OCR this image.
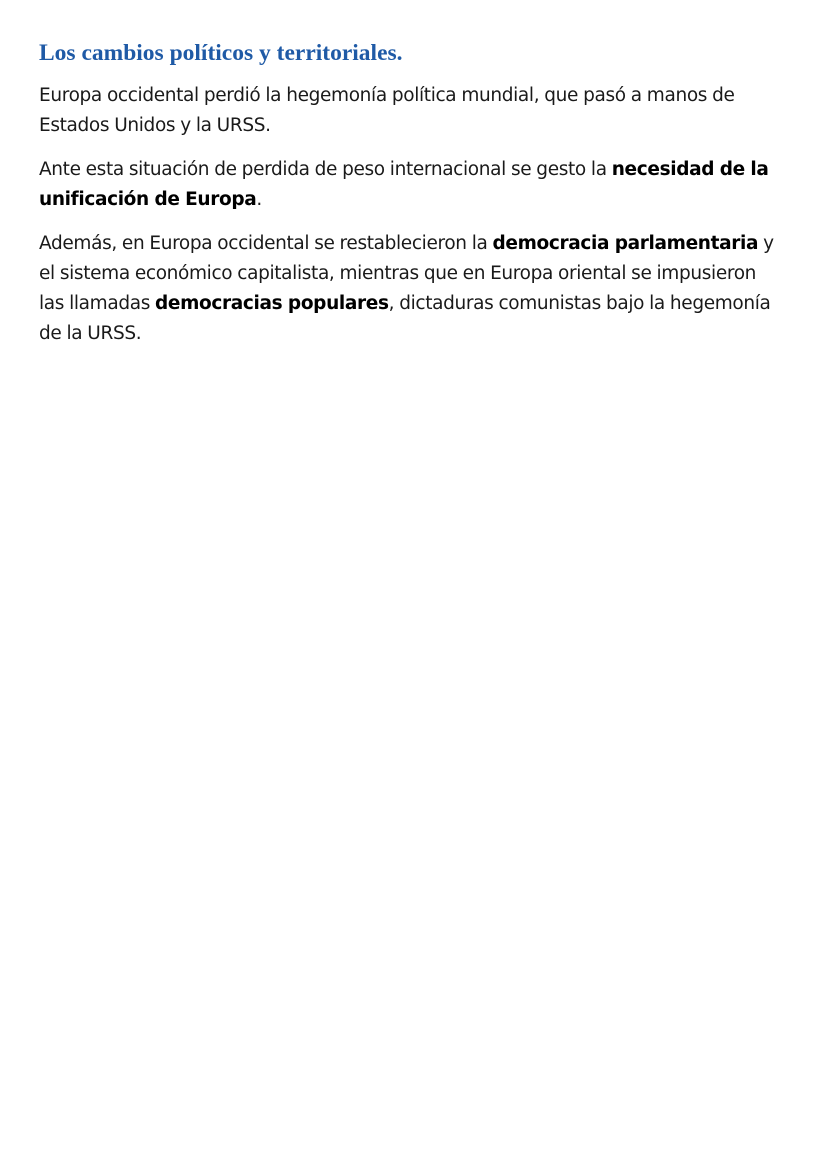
Los cambios políticos y territoriales.

Europa occidental perdió la hegemonía política mundial, que pasó a manos de Estados Unidos y la URSS.

Ante esta situación de perdida de peso internacional se gesto la necesidad de la unificación de Europa.

Además, en Europa occidental se restablecieron la democracia parlamentaria y el sistema económico capitalista, mientras que en Europa oriental se impusieron las llamadas democracias populares, dictaduras comunistas bajo la hegemonía de la URSS.
